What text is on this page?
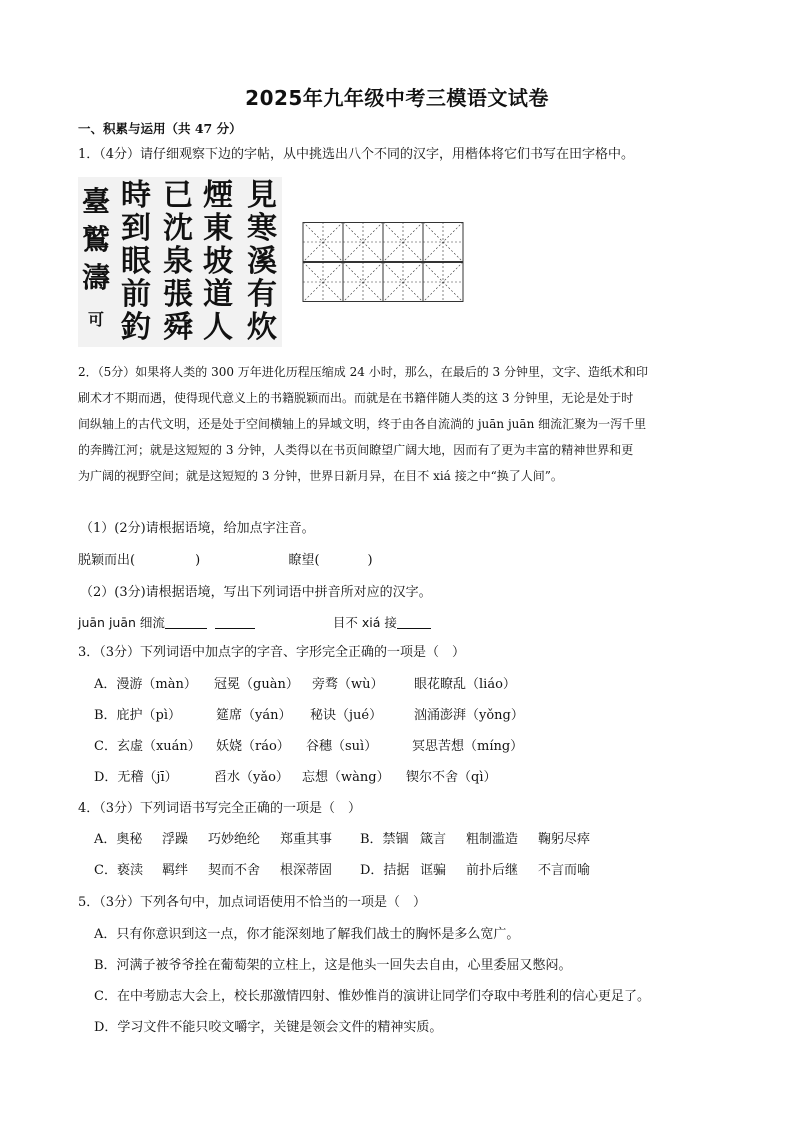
2025年九年级中考三模语文试卷
一、积累与运用（共 47 分）
1．（4分）请仔细观察下边的字帖，从中挑选出八个不同的汉字，用楷体将它们书写在田字格中。
見
寒
溪
有
炊
煙
東
坡
道
人
已
沈
泉
張
舜
時
到
眼
前
釣
臺
鷲
濤
可
2．（5分）如果将人类的 300 万年进化历程压缩成 24 小时，那么，在最后的 3 分钟里，文字、造纸术和印
刷术才不期而遇，使得现代意义上的书籍脱颖而出。而就是在书籍伴随人类的这 3 分钟里，无论是处于时
间纵轴上的古代文明，还是处于空间横轴上的异域文明，终于由各自流淌的 juān juān 细流汇聚为一泻千里
的奔腾江河；就是这短短的 3 分钟，人类得以在书页间瞭望广阔大地，因而有了更为丰富的精神世界和更
为广阔的视野空间；就是这短短的 3 分钟，世界日新月异，在目不 xiá 接之中“换了人间”。
（1）(2分)请根据语境，给加点字注音。
脱颖而出(	)	瞭望(	)
（2）(3分)请根据语境，写出下列词语中拼音所对应的汉字。
juān juān 细流	目不 xiá 接
3．（3分）下列词语中加点字的字音、字形完全正确的一项是（　）
A．漫游（màn） 冠冕（guàn） 旁骛（wù） 眼花瞭乱（liáo）
B．庇护（pì）	筵席（yán） 秘诀（jué） 汹涌澎湃（yǒng）
C．玄虚（xuán） 妖娆（ráo） 谷穗（suì）	冥思苦想（míng）
D．无稽（jī）	舀水（yǎo） 忘想（wàng） 锲尔不舍（qì）
4．（3分）下列词语书写完全正确的一项是（　）
A．奥秘 浮躁 巧妙绝纶 郑重其事 B．禁锢 箴言 粗制滥造 鞠躬尽瘁
C．亵渎 羁绊 契而不舍 根深蒂固 D．拮据 诓骗 前扑后继 不言而喻
5．（3分）下列各句中，加点词语使用不恰当的一项是（　）
A．只有你意识到这一点，你才能深刻地了解我们战士的胸怀是多么宽广。
B．河满子被爷爷拴在葡萄架的立柱上，这是他头一回失去自由，心里委屈又憋闷。
C．在中考励志大会上，校长那激情四射、惟妙惟肖的演讲让同学们夺取中考胜利的信心更足了。
D．学习文件不能只咬文嚼字，关键是领会文件的精神实质。
